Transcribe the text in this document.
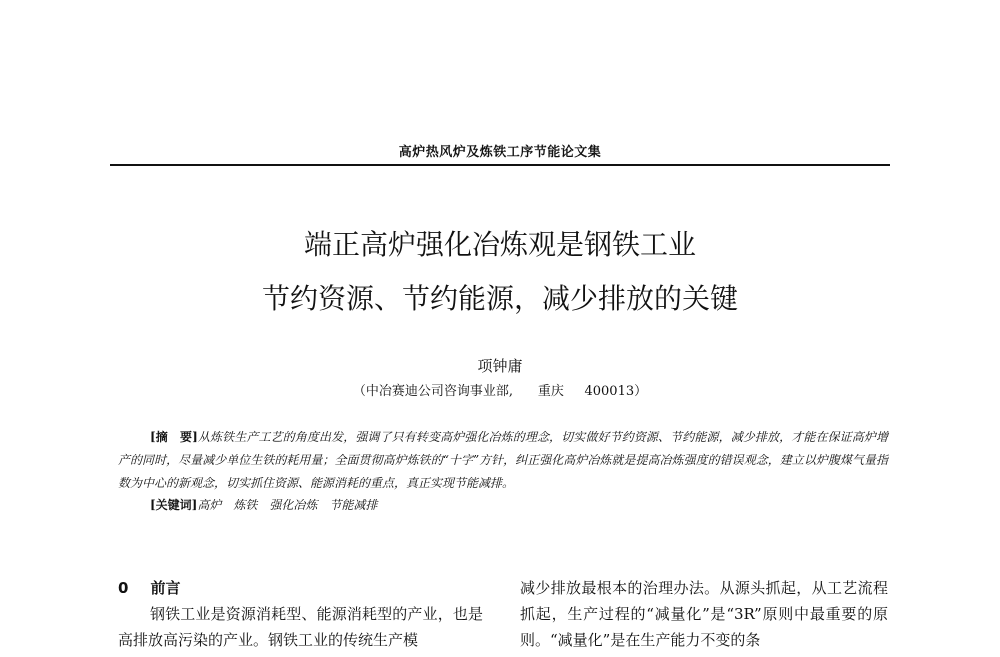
高炉热风炉及炼铁工序节能论文集
端正高炉强化冶炼观是钢铁工业
节约资源、节约能源，减少排放的关键
项钟庸
（中冶赛迪公司咨询事业部,      重庆     400013）
[摘　要]从炼铁生产工艺的角度出发，强调了只有转变高炉强化冶炼的理念，切实做好节约资源、节约能源，减少排放，才能在保证高炉增产的同时，尽量减少单位生铁的耗用量；全面贯彻高炉炼铁的“十字”方针，纠正强化高炉冶炼就是提高冶炼强度的错误观念，建立以炉腹煤气量指数为中心的新观念，切实抓住资源、能源消耗的重点，真正实现节能减排。
[关键词]高炉　炼铁　强化冶炼　节能减排
0 前言

钢铁工业是资源消耗型、能源消耗型的产业，也是高排放高污染的产业。钢铁工业的传统生产模

减少排放最根本的治理办法。从源头抓起，从工艺流程抓起，生产过程的“减量化”是“3R”原则中最重要的原则。“减量化”是在生产能力不变的条
